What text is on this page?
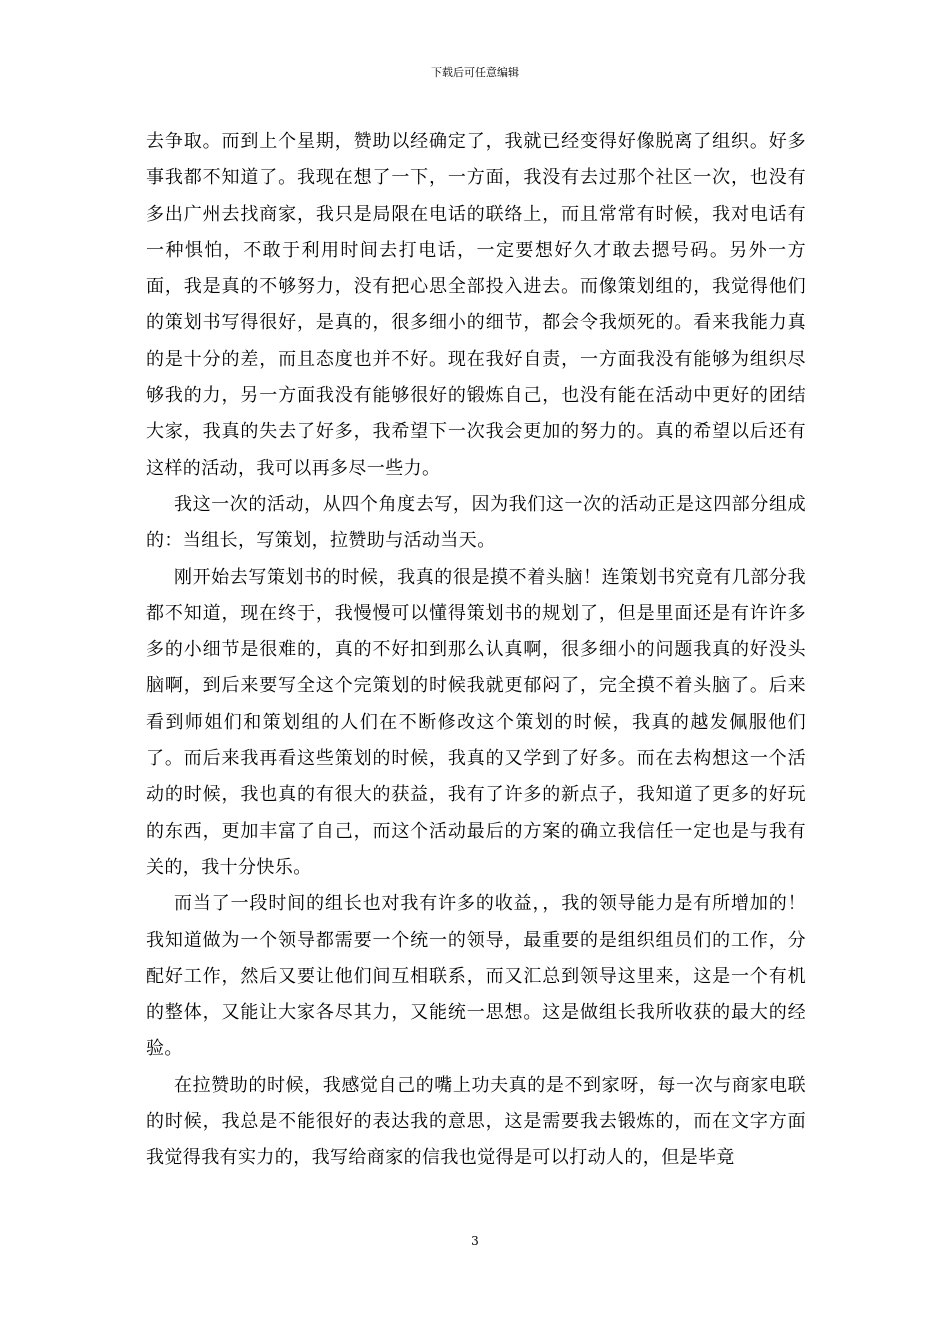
下载后可任意编辑

去争取。而到上个星期，赞助以经确定了，我就已经变得好像脱离了组织。好多事我都不知道了。我现在想了一下，一方面，我没有去过那个社区一次，也没有多出广州去找商家，我只是局限在电话的联络上，而且常常有时候，我对电话有一种惧怕，不敢于利用时间去打电话，一定要想好久才敢去摁号码。另外一方面，我是真的不够努力，没有把心思全部投入进去。而像策划组的，我觉得他们的策划书写得很好，是真的，很多细小的细节，都会令我烦死的。看来我能力真的是十分的差，而且态度也并不好。现在我好自责，一方面我没有能够为组织尽够我的力，另一方面我没有能够很好的锻炼自己，也没有能在活动中更好的团结大家，我真的失去了好多，我希望下一次我会更加的努力的。真的希望以后还有这样的活动，我可以再多尽一些力。

我这一次的活动，从四个角度去写，因为我们这一次的活动正是这四部分组成的：当组长，写策划，拉赞助与活动当天。

刚开始去写策划书的时候，我真的很是摸不着头脑！连策划书究竟有几部分我都不知道，现在终于，我慢慢可以懂得策划书的规划了，但是里面还是有许许多多的小细节是很难的，真的不好扣到那么认真啊，很多细小的问题我真的好没头脑啊，到后来要写全这个完策划的时候我就更郁闷了，完全摸不着头脑了。后来看到师姐们和策划组的人们在不断修改这个策划的时候，我真的越发佩服他们了。而后来我再看这些策划的时候，我真的又学到了好多。而在去构想这一个活动的时候，我也真的有很大的获益，我有了许多的新点子，我知道了更多的好玩的东西，更加丰富了自己，而这个活动最后的方案的确立我信任一定也是与我有关的，我十分快乐。

而当了一段时间的组长也对我有许多的收益，，我的领导能力是有所增加的！我知道做为一个领导都需要一个统一的领导，最重要的是组织组员们的工作，分配好工作，然后又要让他们间互相联系，而又汇总到领导这里来，这是一个有机的整体，又能让大家各尽其力，又能统一思想。这是做组长我所收获的最大的经验。

在拉赞助的时候，我感觉自己的嘴上功夫真的是不到家呀，每一次与商家电联的时候，我总是不能很好的表达我的意思，这是需要我去锻炼的，而在文字方面我觉得我有实力的，我写给商家的信我也觉得是可以打动人的，但是毕竟

3
